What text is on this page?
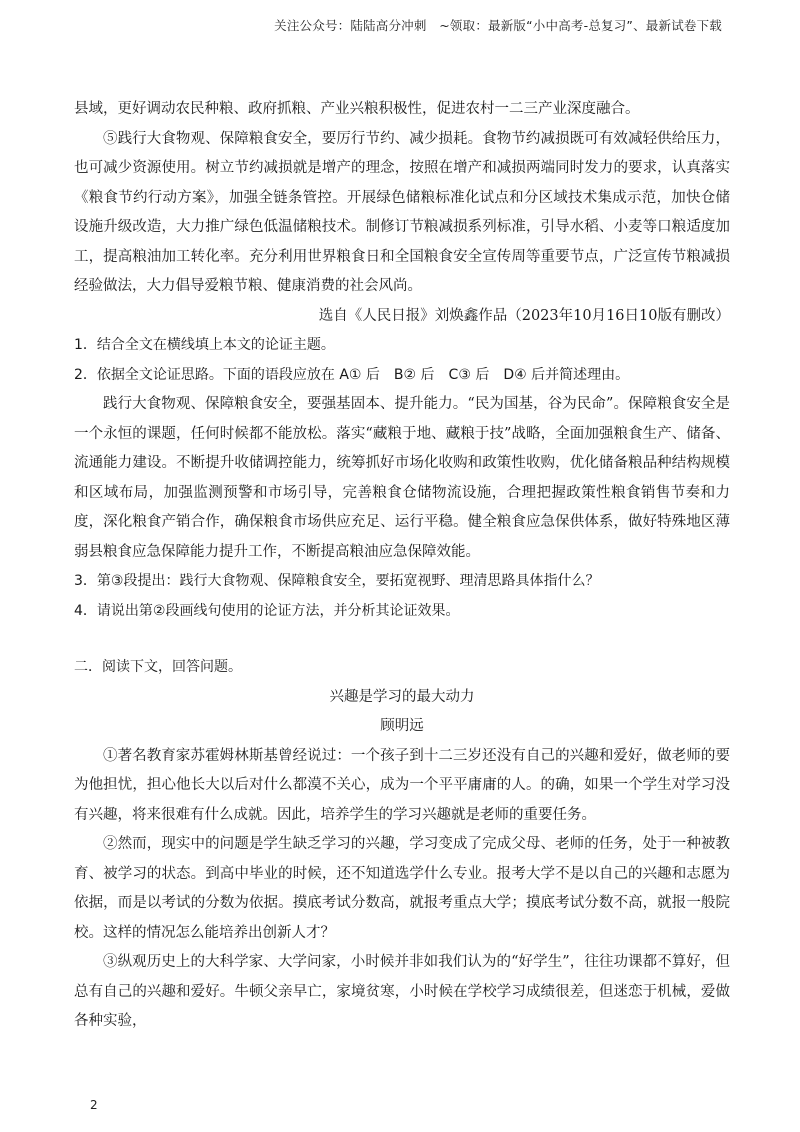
关注公众号：陆陆高分冲刺　~领取：最新版“小中高考-总复习”、最新试卷下载

县域，更好调动农民种粮、政府抓粮、产业兴粮积极性，促进农村一二三产业深度融合。

⑤践行大食物观、保障粮食安全，要厉行节约、减少损耗。食物节约减损既可有效减轻供给压力，也可减少资源使用。树立节约减损就是增产的理念，按照在增产和减损两端同时发力的要求，认真落实《粮食节约行动方案》，加强全链条管控。开展绿色储粮标准化试点和分区域技术集成示范，加快仓储设施升级改造，大力推广绿色低温储粮技术。制修订节粮减损系列标准，引导水稻、小麦等口粮适度加工，提高粮油加工转化率。充分利用世界粮食日和全国粮食安全宣传周等重要节点，广泛宣传节粮减损经验做法，大力倡导爱粮节粮、健康消费的社会风尚。

选自《人民日报》刘焕鑫作品（2023年10月16日10版有删改）

1．结合全文在横线填上本文的论证主题。

2．依据全文论证思路。下面的语段应放在 A① 后　B② 后　C③ 后　D④ 后并简述理由。

践行大食物观、保障粮食安全，要强基固本、提升能力。“民为国基，谷为民命”。保障粮食安全是一个永恒的课题，任何时候都不能放松。落实“藏粮于地、藏粮于技”战略，全面加强粮食生产、储备、流通能力建设。不断提升收储调控能力，统筹抓好市场化收购和政策性收购，优化储备粮品种结构规模和区域布局，加强监测预警和市场引导，完善粮食仓储物流设施，合理把握政策性粮食销售节奏和力度，深化粮食产销合作，确保粮食市场供应充足、运行平稳。健全粮食应急保供体系，做好特殊地区薄弱县粮食应急保障能力提升工作，不断提高粮油应急保障效能。

3．第③段提出：践行大食物观、保障粮食安全，要拓宽视野、理清思路具体指什么？

4．请说出第②段画线句使用的论证方法，并分析其论证效果。

二．阅读下文，回答问题。

兴趣是学习的最大动力

顾明远

①著名教育家苏霍姆林斯基曾经说过：一个孩子到十二三岁还没有自己的兴趣和爱好，做老师的要为他担忧，担心他长大以后对什么都漠不关心，成为一个平平庸庸的人。的确，如果一个学生对学习没有兴趣，将来很难有什么成就。因此，培养学生的学习兴趣就是老师的重要任务。

②然而，现实中的问题是学生缺乏学习的兴趣，学习变成了完成父母、老师的任务，处于一种被教育、被学习的状态。到高中毕业的时候，还不知道选学什么专业。报考大学不是以自己的兴趣和志愿为依据，而是以考试的分数为依据。摸底考试分数高，就报考重点大学；摸底考试分数不高，就报一般院校。这样的情况怎么能培养出创新人才？

③纵观历史上的大科学家、大学问家，小时候并非如我们认为的“好学生”，往往功课都不算好，但总有自己的兴趣和爱好。牛顿父亲早亡，家境贫寒，小时候在学校学习成绩很差，但迷恋于机械，爱做各种实验，

2
